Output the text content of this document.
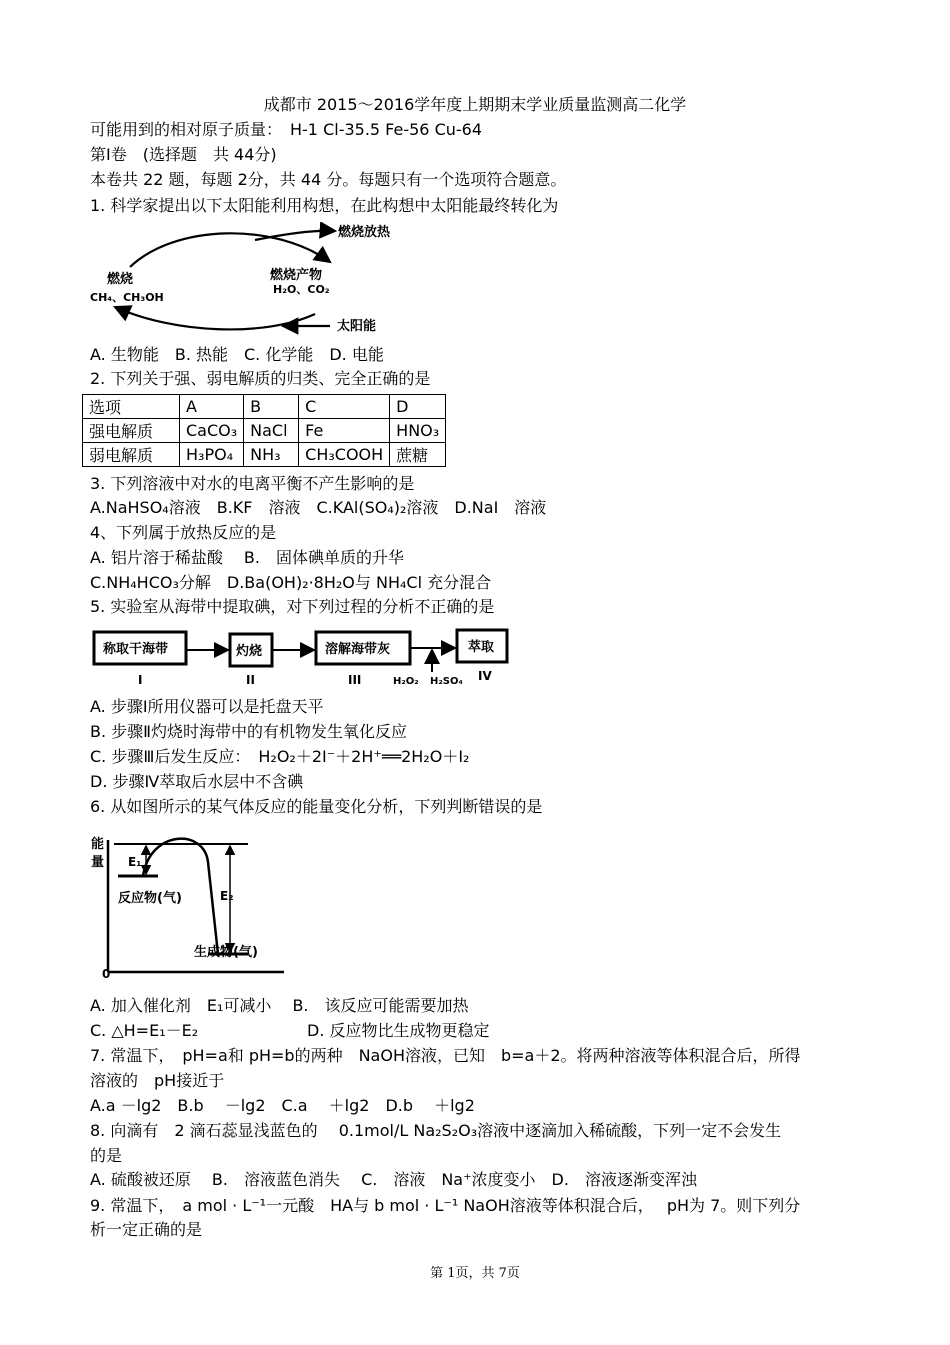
成都市 2015～2016学年度上期期末学业质量监测高二化学
可能用到的相对原子质量：　H-1 Cl-35.5 Fe-56 Cu-64
第Ⅰ卷　(选择题　共 44分)
本卷共 22 题，每题 2分，共 44 分。每题只有一个选项符合题意。
1. 科学家提出以下太阳能利用构想，在此构想中太阳能最终转化为
燃烧放热
燃烧
CH₄、CH₃OH
燃烧产物
H₂O、CO₂
太阳能
A. 生物能　B. 热能　C. 化学能　D. 电能
2. 下列关于强、弱电解质的归类、完全正确的是
选项	A	B	C	D
强电解质	CaCO₃	NaCl	Fe	HNO₃
弱电解质	H₃PO₄	NH₃	CH₃COOH	蔗糖
3. 下列溶液中对水的电离平衡不产生影响的是
A.NaHSO₄溶液　B.KF　溶液　C.KAl(SO₄)₂溶液　D.NaI　溶液
4、下列属于放热反应的是
A. 铝片溶于稀盐酸　 B.　固体碘单质的升华
C.NH₄HCO₃分解　D.Ba(OH)₂·8H₂O与 NH₄Cl 充分混合
5. 实验室从海带中提取碘，对下列过程的分析不正确的是
称取干海带	灼烧	溶解海带灰	萃取
I	II	III	IV
H₂O₂ H₂SO₄
A. 步骤Ⅰ所用仪器可以是托盘天平
B. 步骤Ⅱ灼烧时海带中的有机物发生氧化反应
C. 步骤Ⅲ后发生反应：　H₂O₂＋2I⁻＋2H⁺══2H₂O＋I₂
D. 步骤Ⅳ萃取后水层中不含碘
6. 从如图所示的某气体反应的能量变化分析，下列判断错误的是
能
量 E₁
E₂
反应物(气)
生成物(气)
0
A. 加入催化剂　E₁可减小　 B.　该反应可能需要加热
C. △H=E₁－E₂	D. 反应物比生成物更稳定
7. 常温下，　pH=a和 pH=b的两种　NaOH溶液，已知　b=a＋2。将两种溶液等体积混合后，所得
溶液的　pH接近于
A.a －lg2　B.b　 －lg2　C.a　 ＋lg2　D.b　 ＋lg2
8. 向滴有　2 滴石蕊显浅蓝色的　 0.1mol/L Na₂S₂O₃溶液中逐滴加入稀硫酸，下列一定不会发生
的是
A. 硫酸被还原　 B.　溶液蓝色消失　 C.　溶液　Na⁺浓度变小　D.　溶液逐渐变浑浊
9. 常温下，　a mol · L⁻¹一元酸　HA与 b mol · L⁻¹ NaOH溶液等体积混合后，　 pH为 7。则下列分
析一定正确的是
第 1页，共 7页
